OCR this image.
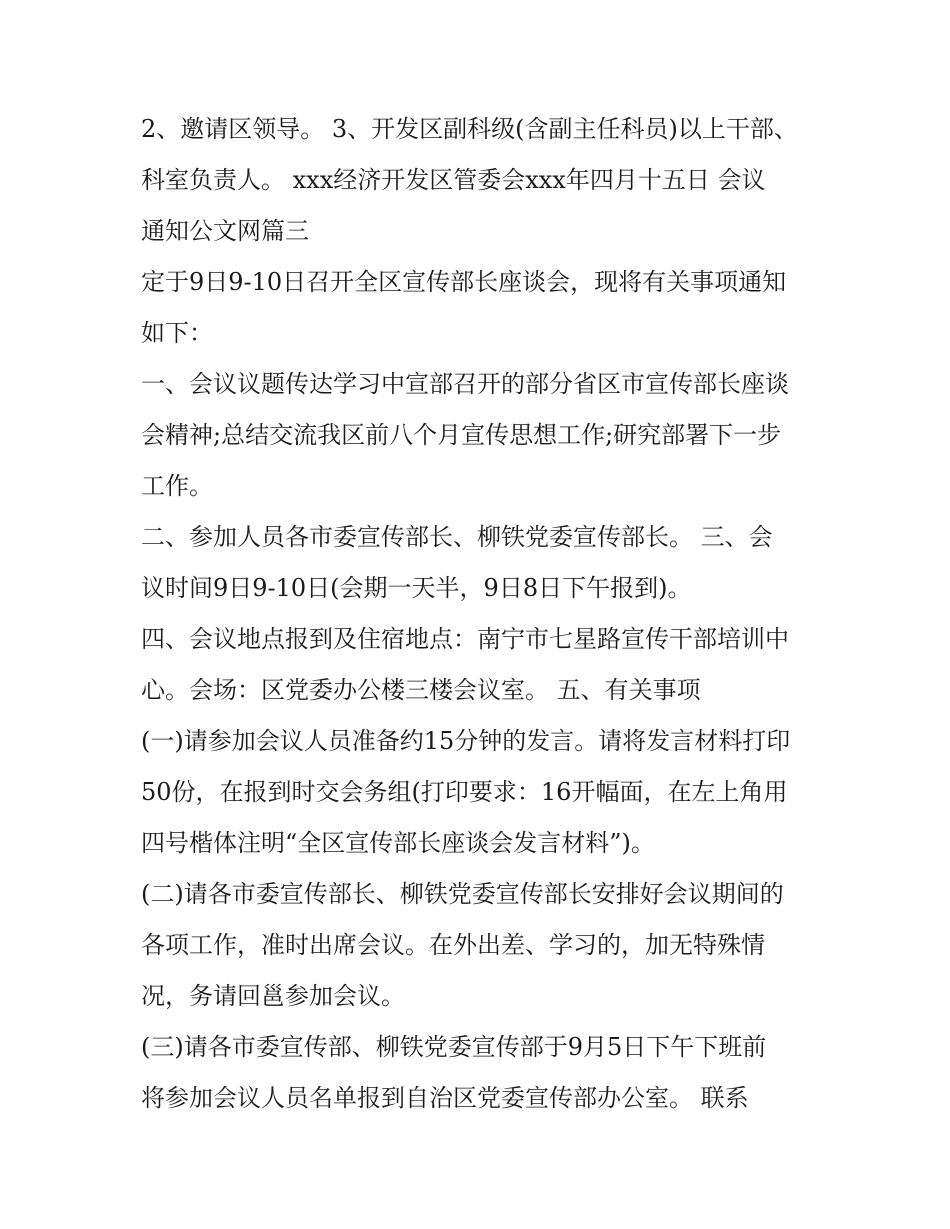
2、邀请区领导。 3、开发区副科级(含副主任科员)以上干部、
科室负责人。 xxx经济开发区管委会xxx年四月十五日 会议
通知公文网篇三
定于9日9-10日召开全区宣传部长座谈会，现将有关事项通知
如下：
一、会议议题传达学习中宣部召开的部分省区市宣传部长座谈
会精神;总结交流我区前八个月宣传思想工作;研究部署下一步
工作。
二、参加人员各市委宣传部长、柳铁党委宣传部长。 三、会
议时间9日9-10日(会期一天半，9日8日下午报到)。
四、会议地点报到及住宿地点：南宁市七星路宣传干部培训中
心。会场：区党委办公楼三楼会议室。 五、有关事项
(一)请参加会议人员准备约15分钟的发言。请将发言材料打印
50份，在报到时交会务组(打印要求：16开幅面，在左上角用
四号楷体注明“全区宣传部长座谈会发言材料”)。
(二)请各市委宣传部长、柳铁党委宣传部长安排好会议期间的
各项工作，准时出席会议。在外出差、学习的，加无特殊情
况，务请回邕参加会议。
(三)请各市委宣传部、柳铁党委宣传部于9月5日下午下班前
将参加会议人员名单报到自治区党委宣传部办公室。 联系
